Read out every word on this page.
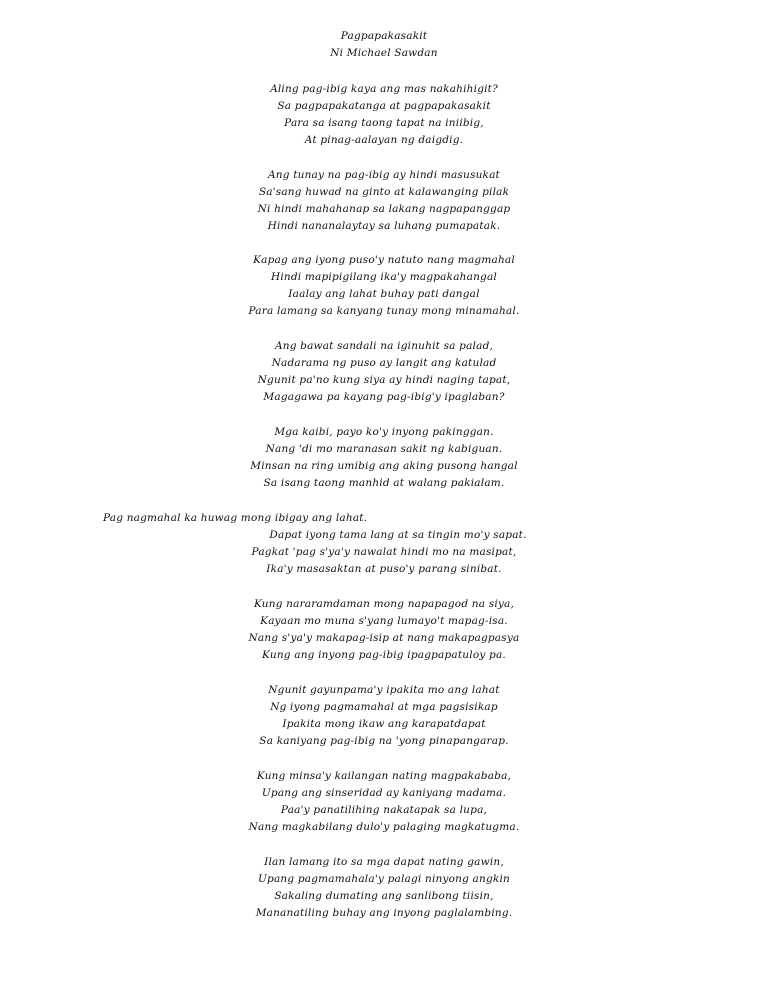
Pagpapakasakit
Ni Michael Sawdan
Aling pag-ibig kaya ang mas nakahihigit?
Sa pagpapakatanga at pagpapakasakit
Para sa isang taong tapat na iniibig,
At pinag-aalayan ng daigdig.
Ang tunay na pag-ibig ay hindi masusukat
Sa'sang huwad na ginto at kalawanging pilak
Ni hindi mahahanap sa lakang nagpapanggap
Hindi nananalaytay sa luhang pumapatak.
Kapag ang iyong puso'y natuto nang magmahal
Hindi mapipigilang ika'y magpakahangal
Iaalay ang lahat buhay pati dangal
Para lamang sa kanyang tunay mong minamahal.
Ang bawat sandali na iginuhit sa palad,
Nadarama ng puso ay langit ang katulad
Ngunit pa'no kung siya ay hindi naging tapat,
Magagawa pa kayang pag-ibig'y ipaglaban?
Mga kaibi, payo ko'y inyong pakinggan.
Nang 'di mo maranasan sakit ng kabiguan.
Minsan na ring umibig ang aking pusong hangal
Sa isang taong manhid at walang pakialam.
Pag nagmahal ka huwag mong ibigay ang lahat.
Dapat iyong tama lang at sa tingin mo'y sapat.
Pagkat 'pag s'ya'y nawalat hindi mo na masipat,
Ika'y masasaktan at puso'y parang sinibat.
Kung nararamdaman mong napapagod na siya,
Kayaan mo muna s'yang lumayo't mapag-isa.
Nang s'ya'y makapag-isip at nang makapagpasya
Kung ang inyong pag-ibig ipagpapatuloy pa.
Ngunit gayunpama'y ipakita mo ang lahat
Ng iyong pagmamahal at mga pagsisikap
Ipakita mong ikaw ang karapatdapat
Sa kaniyang pag-ibig na 'yong pinapangarap.
Kung minsa'y kailangan nating magpakababa,
Upang ang sinseridad ay kaniyang madama.
Paa'y panatilihing nakatapak sa lupa,
Nang magkabilang dulo'y palaging magkatugma.
Ilan lamang ito sa mga dapat nating gawin,
Upang pagmamahala'y palagi ninyong angkin
Sakaling dumating ang sanlibong tiisin,
Mananatiling buhay ang inyong paglalambing.
